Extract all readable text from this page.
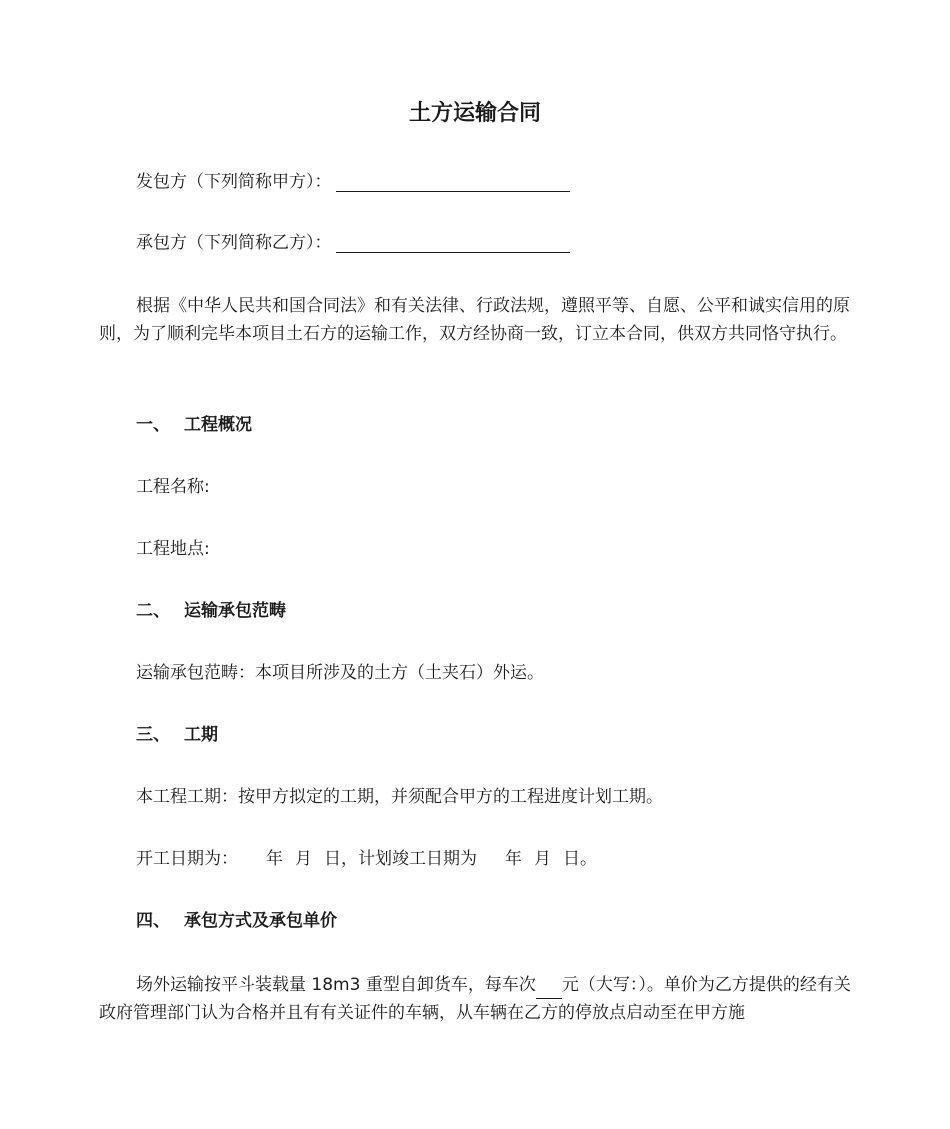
土方运输合同
发包方（下列简称甲方）：
承包方（下列简称乙方）：
根据《中华人民共和国合同法》和有关法律、行政法规，遵照平等、自愿、公平和诚实信用的原则，为了顺利完毕本项目土石方的运输工作，双方经协商一致，订立本合同，供双方共同恪守执行。
一、 工程概况
工程名称:
工程地点:
二、 运输承包范畴
运输承包范畴：本项目所涉及的土方（土夹石）外运。
三、 工期
本工程工期：按甲方拟定的工期，并须配合甲方的工程进度计划工期。
开工日期为： 年 月 日，计划竣工日期为 年 月 日。
四、 承包方式及承包单价
场外运输按平斗装载量 18m3 重型自卸货车，每车次 元（大写：）。单价为乙方提供的经有关政府管理部门认为合格并且有有关证件的车辆，从车辆在乙方的停放点启动至在甲方施
